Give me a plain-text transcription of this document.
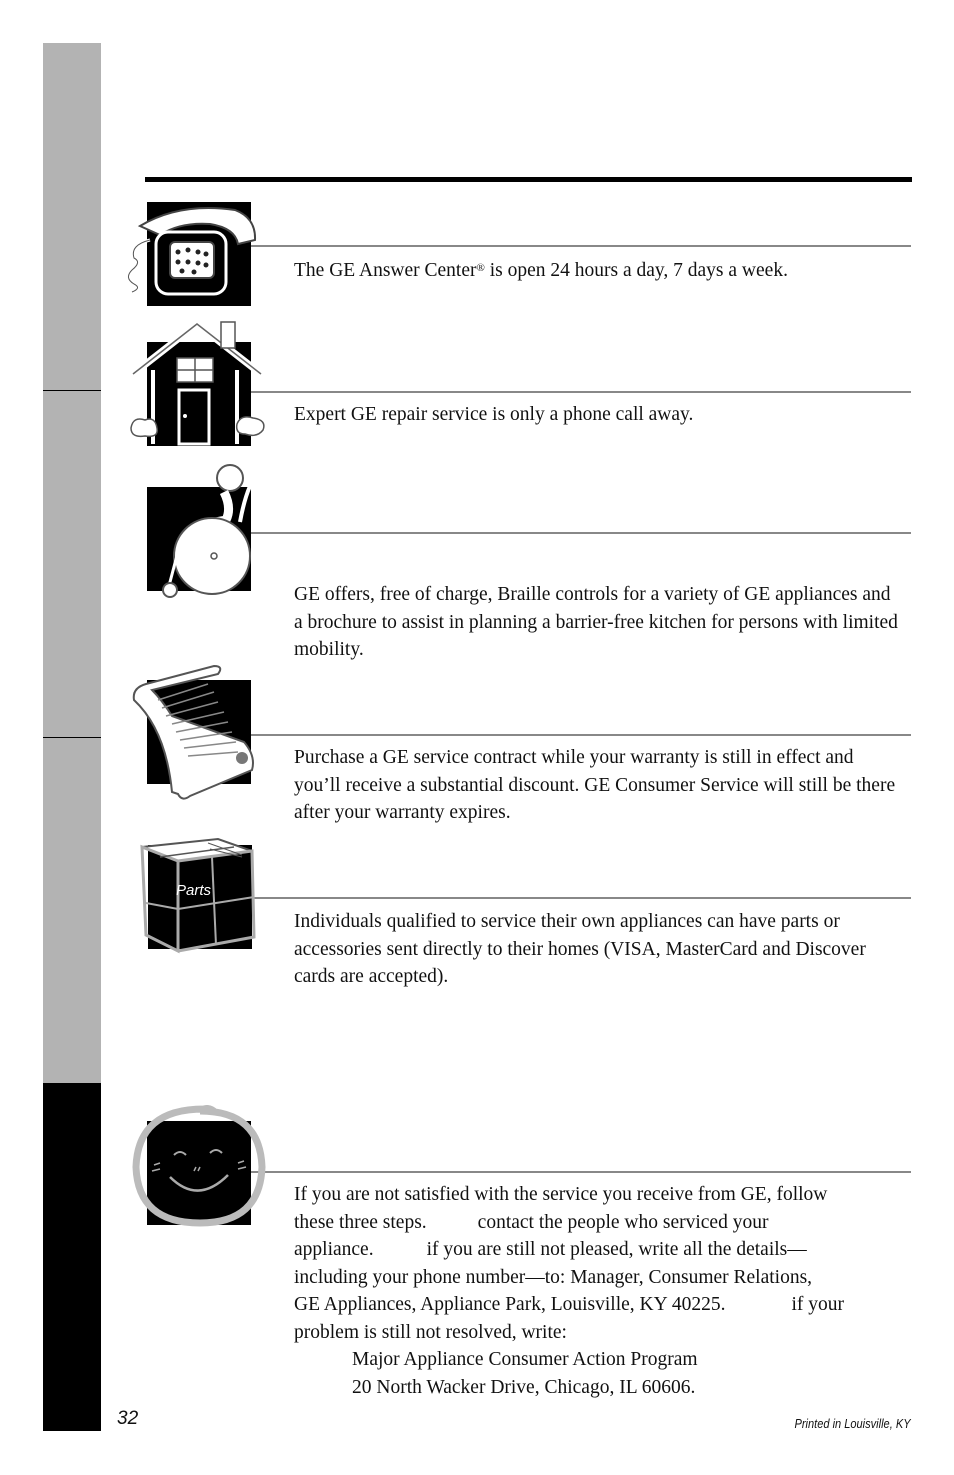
The GE Answer Center® is open 24 hours a day, 7 days a week.

Expert GE repair service is only a phone call away.

GE offers, free of charge, Braille controls for a variety of GE appliances and a brochure to assist in planning a barrier-free kitchen for persons with limited mobility.

Purchase a GE service contract while your warranty is still in effect and you’ll receive a substantial discount. GE Consumer Service will still be there after your warranty expires.

Parts

Individuals qualified to service their own appliances can have parts or accessories sent directly to their homes (VISA, MasterCard and Discover cards are accepted).

If you are not satisfied with the service you receive from GE, follow
these three steps.	contact the people who serviced your
appliance.	if you are still not pleased, write all the details—
including your phone number—to: Manager, Consumer Relations,
GE Appliances, Appliance Park, Louisville, KY 40225.	if your
problem is still not resolved, write:
Major Appliance Consumer Action Program
20 North Wacker Drive, Chicago, IL 60606.
32	Printed in Louisville, KY
